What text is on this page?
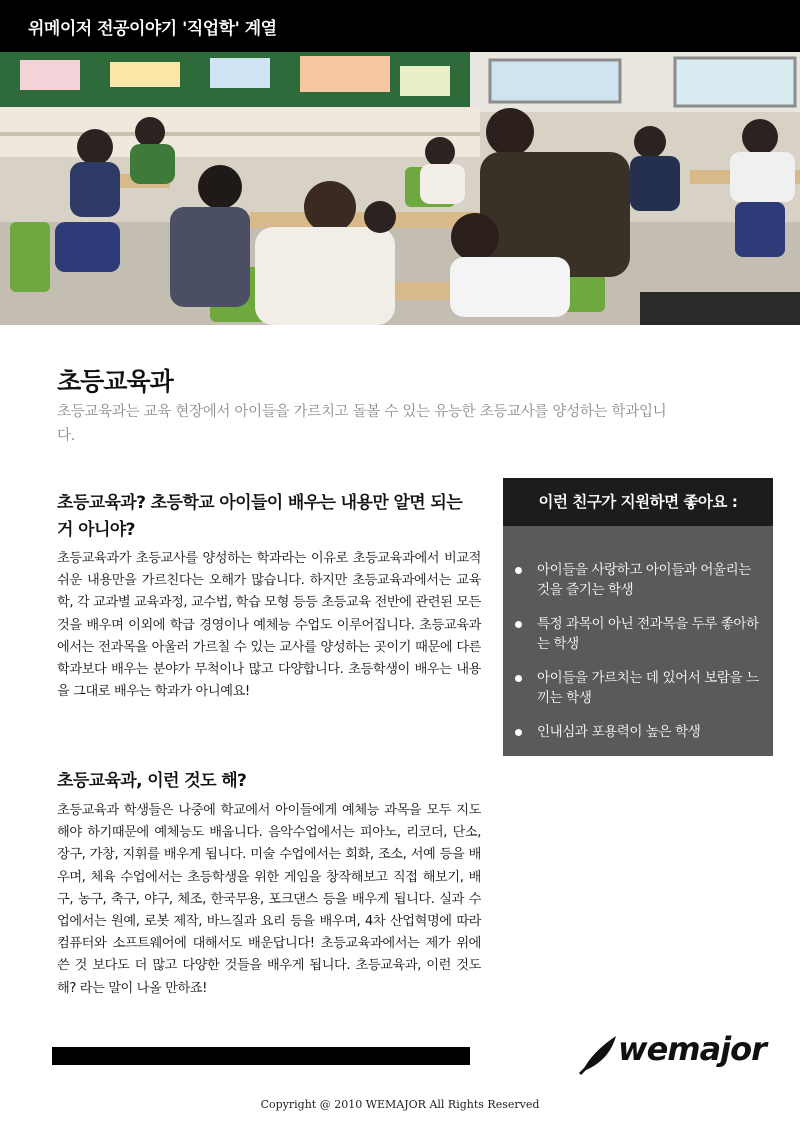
위메이저 전공이야기 '직업학' 계열
초등교육과
초등교육과는 교육 현장에서 아이들을 가르치고 돌볼 수 있는 유능한 초등교사를 양성하는 학과입니다.
초등교육과? 초등학교 아이들이 배우는 내용만 알면 되는 거 아니야?
초등교육과가 초등교사를 양성하는 학과라는 이유로 초등교육과에서 비교적 쉬운 내용만을 가르친다는 오해가 많습니다. 하지만 초등교육과에서는 교육학, 각 교과별 교육과정, 교수법, 학습 모형 등등 초등교육 전반에 관련된 모든 것을 배우며 이외에 학급 경영이나 예체능 수업도 이루어집니다. 초등교육과에서는 전과목을 아울러 가르칠 수 있는 교사를 양성하는 곳이기 때문에 다른 학과보다 배우는 분야가 무척이나 많고 다양합니다. 초등학생이 배우는 내용을 그대로 배우는 학과가 아니예요!
초등교육과, 이런 것도 해?
초등교육과 학생들은 나중에 학교에서 아이들에게 예체능 과목을 모두 지도해야 하기때문에 예체능도 배웁니다. 음악수업에서는 피아노, 리코더, 단소, 장구, 가창, 지휘를 배우게 됩니다. 미술 수업에서는 회화, 조소, 서예 등을 배우며, 체육 수업에서는 초등학생을 위한 게임을 창작해보고 직접 해보기, 배구, 농구, 축구, 야구, 체조, 한국무용, 포크댄스 등을 배우게 됩니다. 실과 수업에서는 원예, 로봇 제작, 바느질과 요리 등을 배우며, 4차 산업혁명에 따라 컴퓨터와 소프트웨어에 대해서도 배운답니다! 초등교육과에서는 제가 위에 쓴 것 보다도 더 많고 다양한 것들을 배우게 됩니다. 초등교육과, 이런 것도 해? 라는 말이 나올 만하죠!
이런 친구가 지원하면 좋아요 :
아이들을 사랑하고 아이들과 어울리는 것을 즐기는 학생
특정 과목이 아닌 전과목을 두루 좋아하는 학생
아이들을 가르치는 데 있어서 보람을 느끼는 학생
인내심과 포용력이 높은 학생
wemajor
Copyright @ 2010 WEMAJOR All Rights Reserved
